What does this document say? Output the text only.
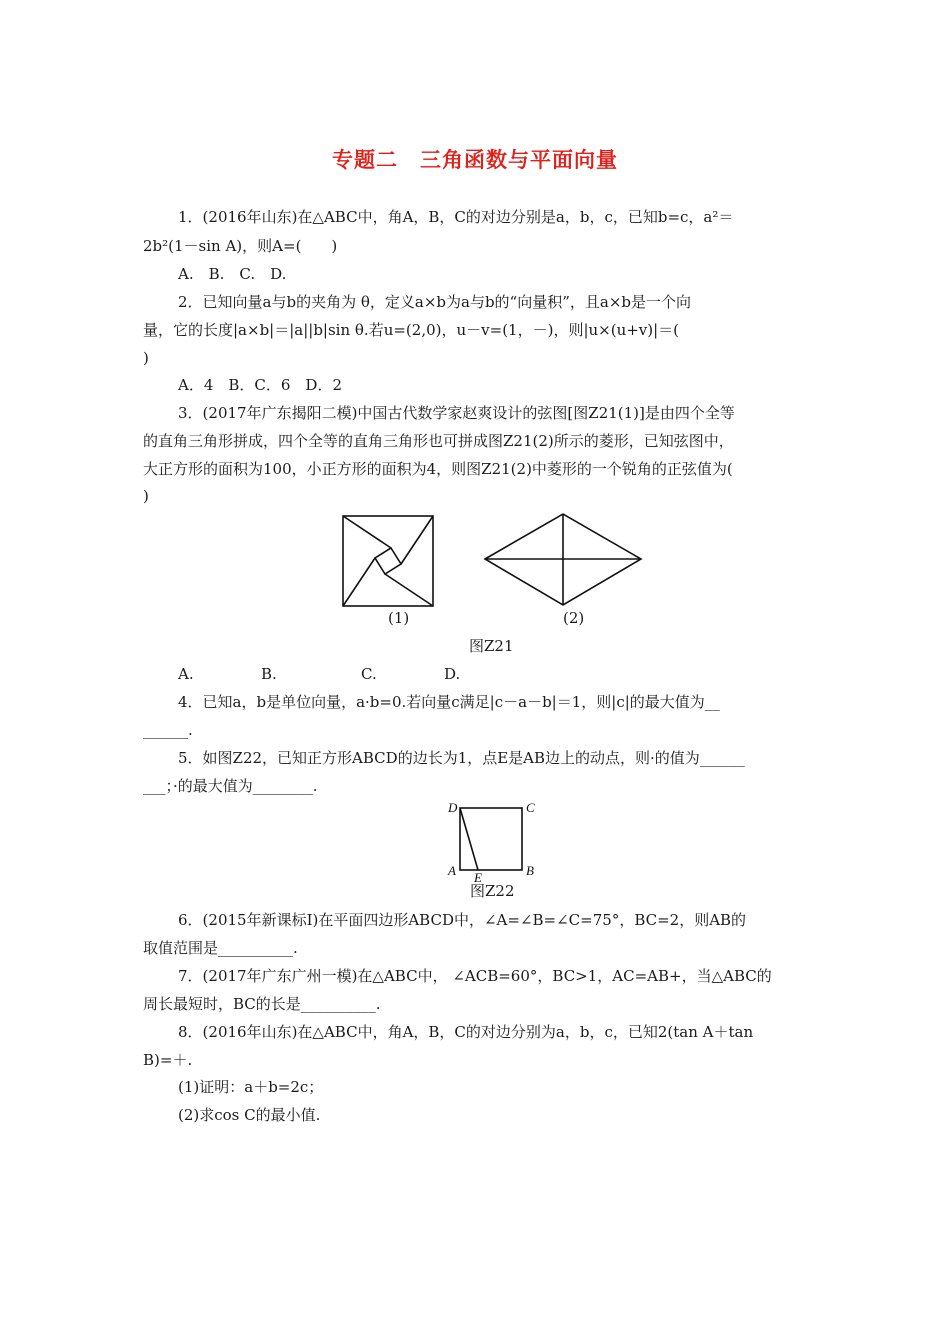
专题二　三角函数与平面向量
1．(2016年山东)在△ABC中，角A，B，C的对边分别是a，b，c，已知b=c，a²＝
2b²(1－sin A)，则A=(　　)
A.　B.　C.　D.
2．已知向量a与b的夹角为 θ，定义a×b为a与b的“向量积”，且a×b是一个向
量，它的长度|a×b|＝|a||b|sin θ.若u=(2,0)，u－v=(1，－)，则|u×(u+v)|＝(
)
A．4　B．C．6　D．2
3．(2017年广东揭阳二模)中国古代数学家赵爽设计的弦图[图Z21(1)]是由四个全等
的直角三角形拼成，四个全等的直角三角形也可拼成图Z21(2)所示的菱形，已知弦图中，
大正方形的面积为100，小正方形的面积为4，则图Z21(2)中菱形的一个锐角的正弦值为(
)
(1)	(2)
图Z21
A.	B.	C.	D.
4．已知a，b是单位向量，a·b=0.若向量c满足|c－a－b|＝1，则|c|的最大值为__
______.
5．如图Z22，已知正方形ABCD的边长为1，点E是AB边上的动点，则·的值为______
___；·的最大值为________.
D	C
A	B
E
图Z22
6．(2015年新课标Ⅰ)在平面四边形ABCD中，∠A=∠B=∠C=75°，BC=2，则AB的
取值范围是__________.
7．(2017年广东广州一模)在△ABC中， ∠ACB=60°，BC>1，AC=AB+，当△ABC的
周长最短时，BC的长是__________.
8．(2016年山东)在△ABC中，角A，B，C的对边分别为a，b，c，已知2(tan A＋tan
B)=＋.
(1)证明：a＋b=2c；
(2)求cos C的最小值.
